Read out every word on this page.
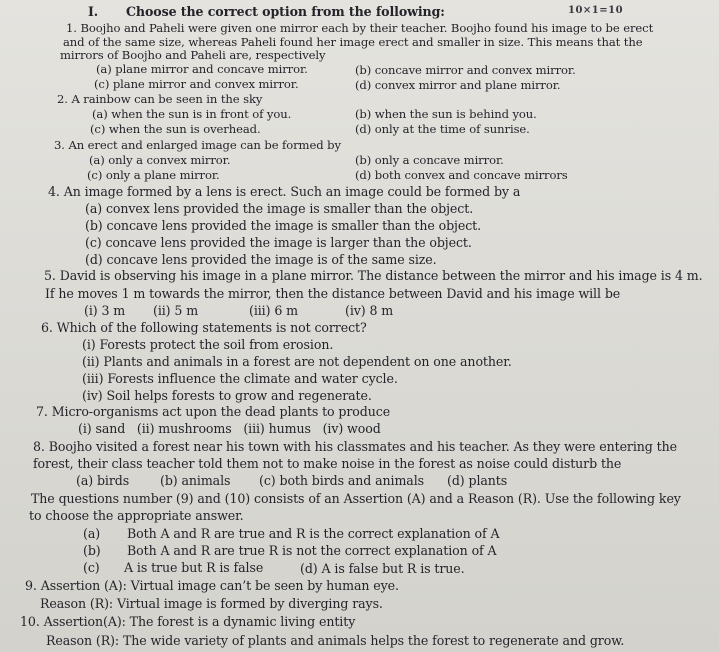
I. Choose the correct option from the following:	10×1=10
1. Boojho and Paheli were given one mirror each by their teacher. Boojho found his image to be erect
and of the same size, whereas Paheli found her image erect and smaller in size. This means that the
mirrors of Boojho and Paheli are, respectively
(a) plane mirror and concave mirror.	(b) concave mirror and convex mirror.
(c) plane mirror and convex mirror.	(d) convex mirror and plane mirror.
2. A rainbow can be seen in the sky
(a) when the sun is in front of you.	(b) when the sun is behind you.
(c) when the sun is overhead.	(d) only at the time of sunrise.
3. An erect and enlarged image can be formed by
(a) only a convex mirror.	(b) only a concave mirror.
(c) only a plane mirror.	(d) both convex and concave mirrors
4. An image formed by a lens is erect. Such an image could be formed by a
(a) convex lens provided the image is smaller than the object.
(b) concave lens provided the image is smaller than the object.
(c) concave lens provided the image is larger than the object.
(d) concave lens provided the image is of the same size.
5. David is observing his image in a plane mirror. The distance between the mirror and his image is 4 m.
If he moves 1 m towards the mirror, then the distance between David and his image will be
(i) 3 m (ii) 5 m	(iii) 6 m	(iv) 8 m
6. Which of the following statements is not correct?
(i) Forests protect the soil from erosion.
(ii) Plants and animals in a forest are not dependent on one another.
(iii) Forests influence the climate and water cycle.
(iv) Soil helps forests to grow and regenerate.
7. Micro-organisms act upon the dead plants to produce
(i) sand   (ii) mushrooms   (iii) humus   (iv) wood
8. Boojho visited a forest near his town with his classmates and his teacher. As they were entering the
forest, their class teacher told them not to make noise in the forest as noise could disturb the
(a) birds (b) animals (c) both birds and animals (d) plants
The questions number (9) and (10) consists of an Assertion (A) and a Reason (R). Use the following key
to choose the appropriate answer.
(a) Both A and R are true and R is the correct explanation of A
(b) Both A and R are true R is not the correct explanation of A
(c) A is true but R is false	(d) A is false but R is true.
9. Assertion (A): Virtual image can’t be seen by human eye.
Reason (R): Virtual image is formed by diverging rays.
10. Assertion(A): The forest is a dynamic living entity
Reason (R): The wide variety of plants and animals helps the forest to regenerate and grow.
